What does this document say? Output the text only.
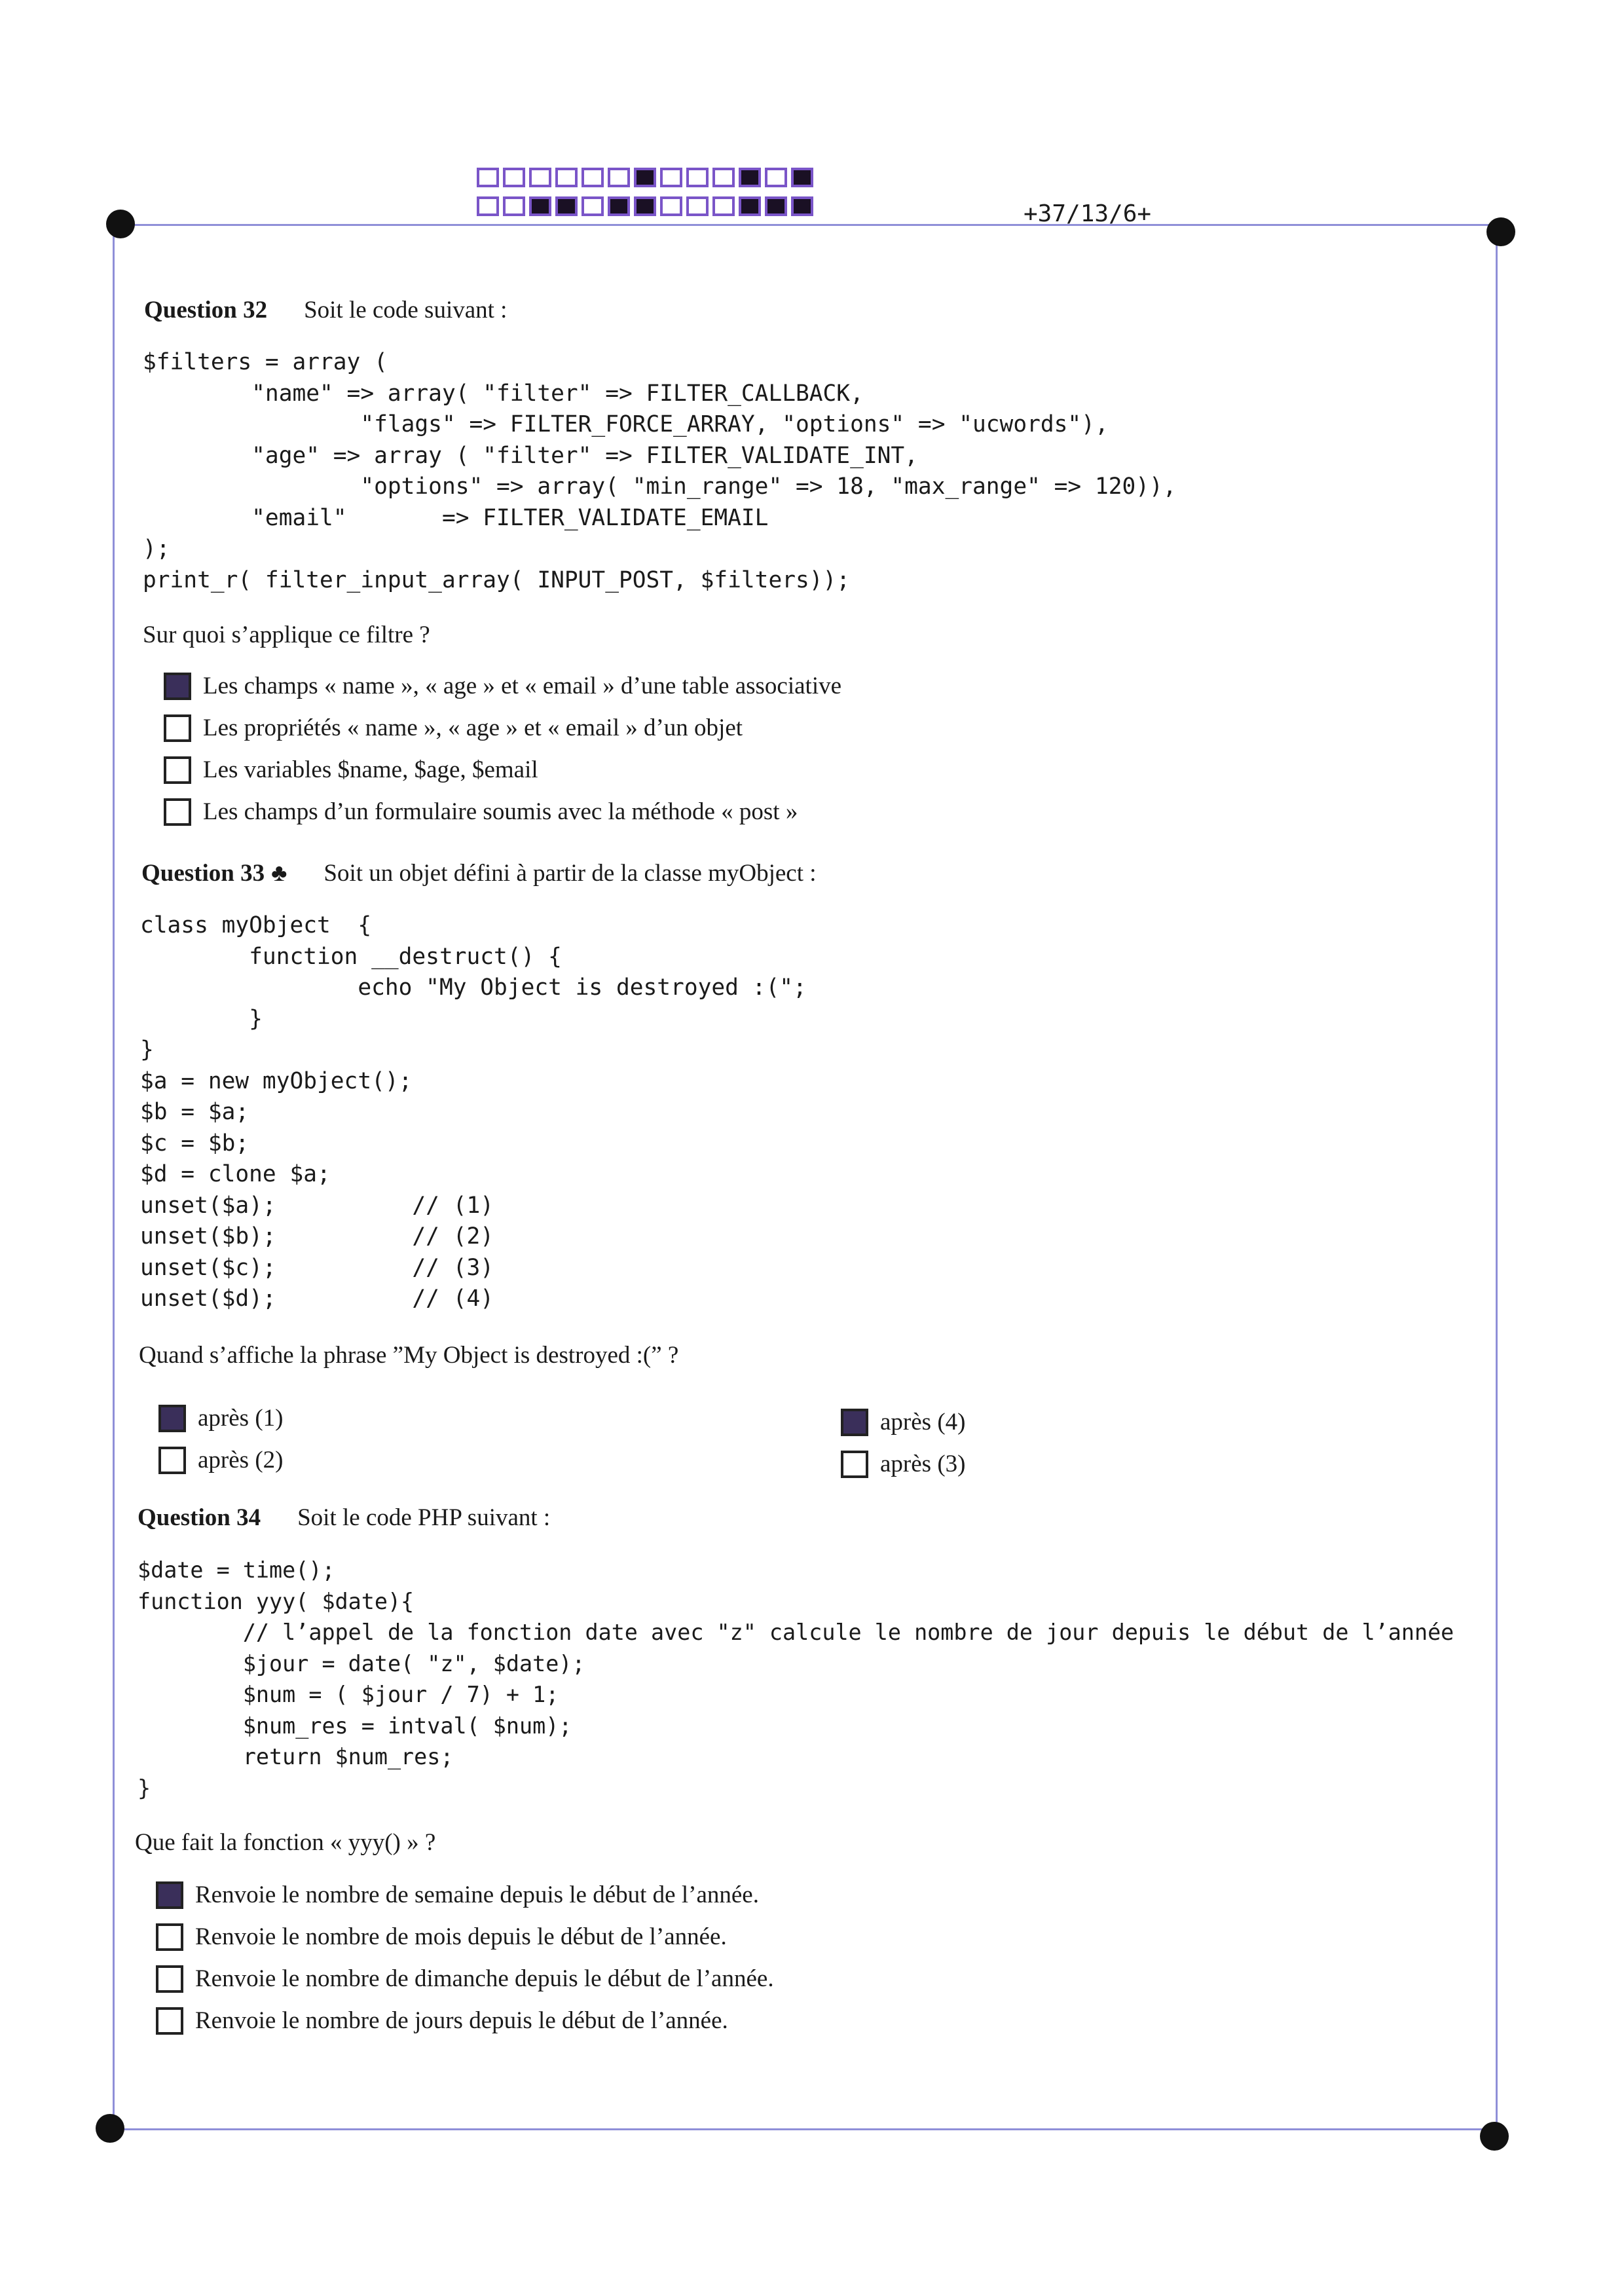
+37/13/6+
Question 32 Soit le code suivant :
$filters = array (
"name" => array( "filter" => FILTER_CALLBACK,
"flags" => FILTER_FORCE_ARRAY, "options" => "ucwords"),
"age" => array ( "filter" => FILTER_VALIDATE_INT,
"options" => array( "min_range" => 18, "max_range" => 120)),
"email"       => FILTER_VALIDATE_EMAIL
);
print_r( filter_input_array( INPUT_POST, $filters));
Sur quoi s’applique ce filtre ?
Les champs « name », « age » et « email » d’une table associative
Les propriétés « name », « age » et « email » d’un objet
Les variables $name, $age, $email
Les champs d’un formulaire soumis avec la méthode « post »
Question 33 ♣ Soit un objet défini à partir de la classe myObject :
class myObject  {
function __destruct() {
echo "My Object is destroyed :(";
}
}
$a = new myObject();
$b = $a;
$c = $b;
$d = clone $a;
unset($a);          // (1)
unset($b);          // (2)
unset($c);          // (3)
unset($d);          // (4)
Quand s’affiche la phrase ”My Object is destroyed :(” ?
après (1)
après (2)
après (4)
après (3)
Question 34 Soit le code PHP suivant :
$date = time();
function yyy( $date){
// l’appel de la fonction date avec "z" calcule le nombre de jour depuis le début de l’année
$jour = date( "z", $date);
$num = ( $jour / 7) + 1;
$num_res = intval( $num);
return $num_res;
}
Que fait la fonction « yyy() » ?
Renvoie le nombre de semaine depuis le début de l’année.
Renvoie le nombre de mois depuis le début de l’année.
Renvoie le nombre de dimanche depuis le début de l’année.
Renvoie le nombre de jours depuis le début de l’année.
